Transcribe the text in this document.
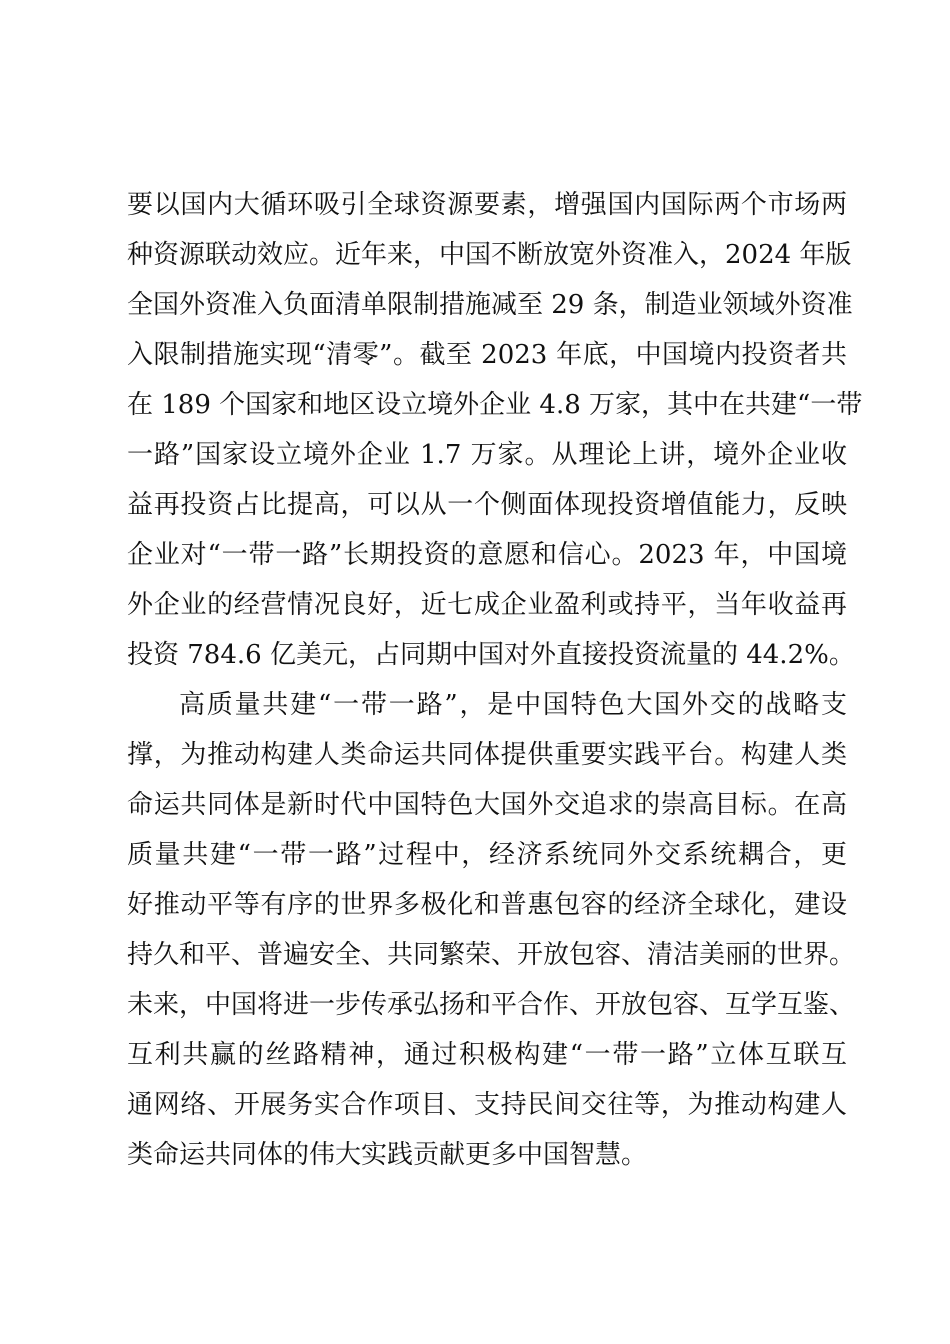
要以国内大循环吸引全球资源要素，增强国内国际两个市场两
种资源联动效应。近年来，中国不断放宽外资准入，2024 年版
全国外资准入负面清单限制措施减至 29 条，制造业领域外资准
入限制措施实现“清零”。截至 2023 年底，中国境内投资者共
在 189 个国家和地区设立境外企业 4.8 万家，其中在共建“一带
一路”国家设立境外企业 1.7 万家。从理论上讲，境外企业收
益再投资占比提高，可以从一个侧面体现投资增值能力，反映
企业对“一带一路”长期投资的意愿和信心。2023 年，中国境
外企业的经营情况良好，近七成企业盈利或持平，当年收益再
投资 784.6 亿美元，占同期中国对外直接投资流量的 44.2%。
高质量共建“一带一路”，是中国特色大国外交的战略支
撑，为推动构建人类命运共同体提供重要实践平台。构建人类
命运共同体是新时代中国特色大国外交追求的崇高目标。在高
质量共建“一带一路”过程中，经济系统同外交系统耦合，更
好推动平等有序的世界多极化和普惠包容的经济全球化，建设
持久和平、普遍安全、共同繁荣、开放包容、清洁美丽的世界。
未来，中国将进一步传承弘扬和平合作、开放包容、互学互鉴、
互利共赢的丝路精神，通过积极构建“一带一路”立体互联互
通网络、开展务实合作项目、支持民间交往等，为推动构建人
类命运共同体的伟大实践贡献更多中国智慧。
